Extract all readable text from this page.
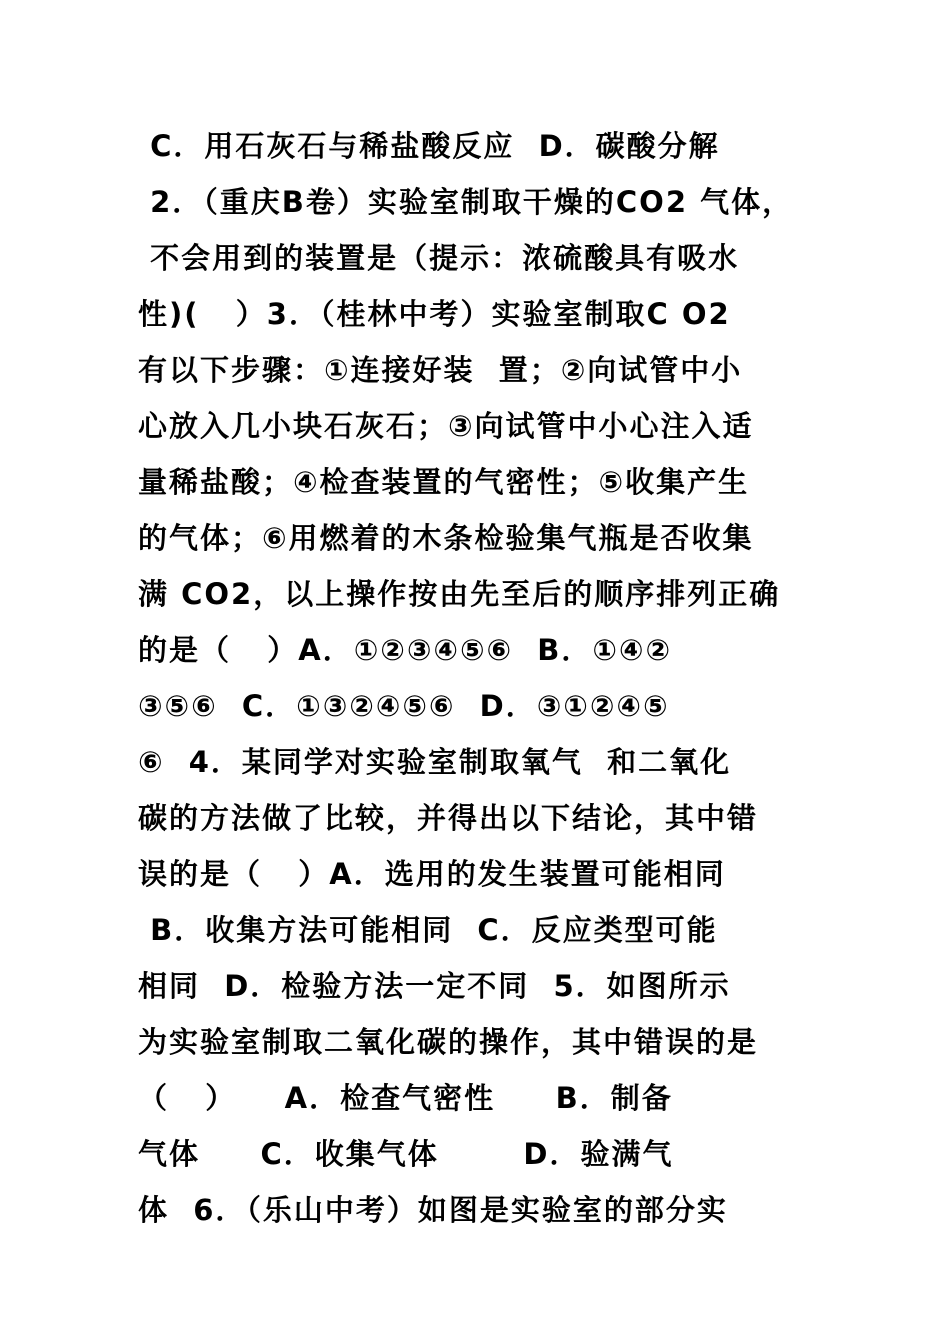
C．用石灰石与稀盐酸反应  D．碳酸分解
2．（重庆B卷）实验室制取干燥的CO2 气体，
不会用到的装置是（提示：浓硫酸具有吸水
性)(   ）3．（桂林中考）实验室制取C O2
有以下步骤：①连接好装  置；②向试管中小
心放入几小块石灰石；③向试管中小心注入适
量稀盐酸；④检查装置的气密性；⑤收集产生
的气体；⑥用燃着的木条检验集气瓶是否收集
满 CO2，以上操作按由先至后的顺序排列正确
的是（   ）A．①②③④⑤⑥  B．①④②
③⑤⑥  C．①③②④⑤⑥  D．③①②④⑤
⑥  4．某同学对实验室制取氧气  和二氧化
碳的方法做了比较，并得出以下结论，其中错
误的是（   ）A．选用的发生装置可能相同
B．收集方法可能相同  C．反应类型可能
相同  D．检验方法一定不同  5．如图所示
为实验室制取二氧化碳的操作，其中错误的是
（   ）    A．检查气密性     B．制备
气体     C．收集气体       D．验满气
体  6．（乐山中考）如图是实验室的部分实
